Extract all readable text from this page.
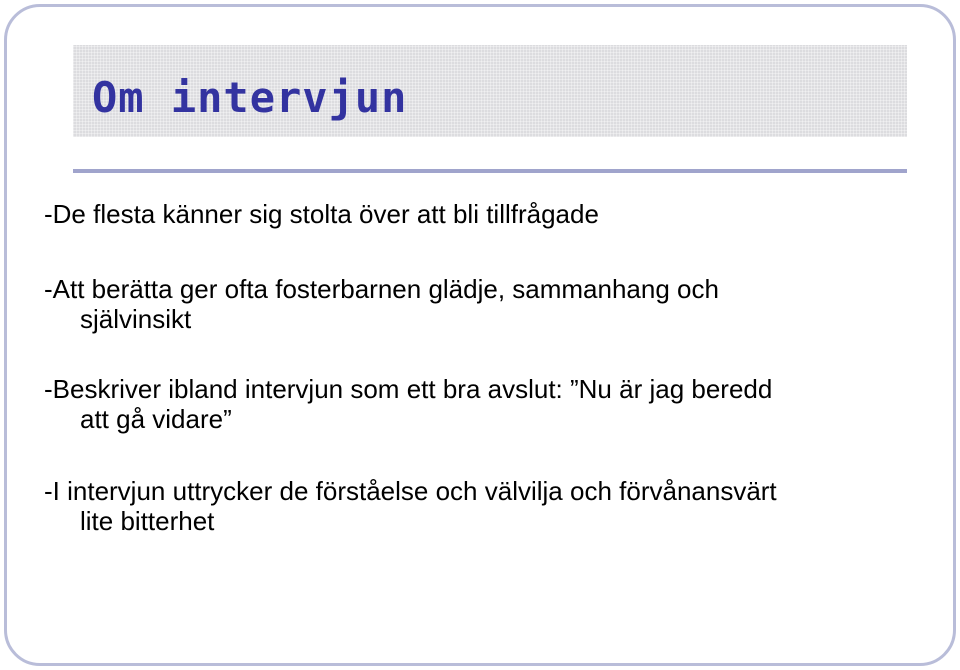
Om intervjun

-De flesta känner sig stolta över att bli tillfrågade

-Att berätta ger ofta fosterbarnen glädje, sammanhang och
självinsikt

-Beskriver ibland intervjun som ett bra avslut: ”Nu är jag beredd
att gå vidare”

-I intervjun uttrycker de förståelse och välvilja och förvånansvärt
lite bitterhet
